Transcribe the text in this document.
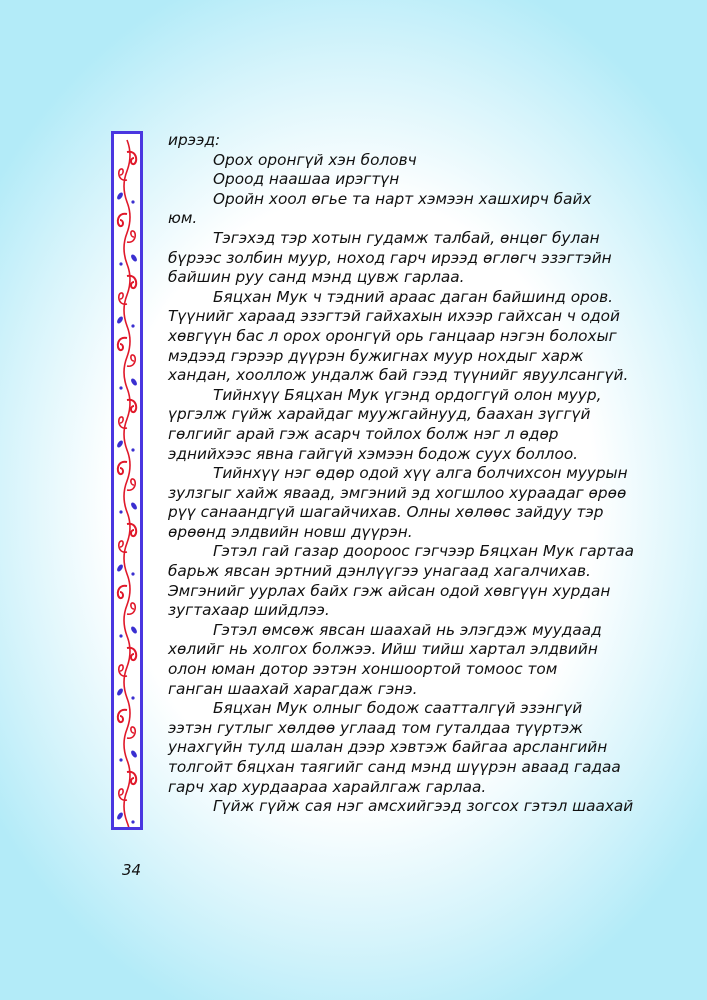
ирээд:
Орох оронгүй хэн боловч
Ороод наашаа ирэгтүн
Оройн хоол өгье та нарт хэмээн хашхирч байх
юм.
Тэгэхэд тэр хотын гудамж талбай, өнцөг булан
бүрээс золбин муур, ноход гарч ирээд өглөгч эзэгтэйн
байшин руу санд мэнд цувж гарлаа.
Бяцхан Мук ч тэдний араас даган байшинд оров.
Түүнийг хараад эзэгтэй гайхахын ихээр гайхсан ч одой
хөвгүүн бас л орох оронгүй орь ганцаар нэгэн болохыг
мэдээд гэрээр дүүрэн бужигнах муур нохдыг харж
хандан, хооллож ундалж бай гээд түүнийг явуулсангүй.
Тийнхүү Бяцхан Мук үгэнд ордоггүй олон муур,
үргэлж гүйж харайдаг муужгайнууд, баахан зүггүй
гөлгийг арай гэж асарч тойлох болж нэг л өдөр
эднийхээс явна гайгүй хэмээн бодож суух боллоо.
Тийнхүү нэг өдөр одой хүү алга болчихсон муурын
зулзгыг хайж яваад, эмгэний эд хогшлоо хураадаг өрөө
рүү санаандгүй шагайчихав. Олны хөлөөс зайдуу тэр
өрөөнд элдвийн новш дүүрэн.
Гэтэл гай газар доороос гэгчээр Бяцхан Мук гартаа
барьж явсан эртний дэнлүүгээ унагаад хагалчихав.
Эмгэнийг уурлах байх гэж айсан одой хөвгүүн хурдан
зугтахаар шийдлээ.
Гэтэл өмсөж явсан шаахай нь элэгдэж муудаад
хөлийг нь холгох болжээ. Ийш тийш хартал элдвийн
олон юман дотор ээтэн хоншоортой томоос том
ганган шаахай харагдаж гэнэ.
Бяцхан Мук олныг бодож саатталгүй эзэнгүй
ээтэн гутлыг хөлдөө углаад том гуталдаа түүртэж
унахгүйн тулд шалан дээр хэвтэж байгаа арслангийн
толгойт бяцхан таягийг санд мэнд шүүрэн аваад гадаа
гарч хар хурдаараа харайлгаж гарлаа.
Гүйж гүйж сая нэг амсхийгээд зогсох гэтэл шаахай
34
